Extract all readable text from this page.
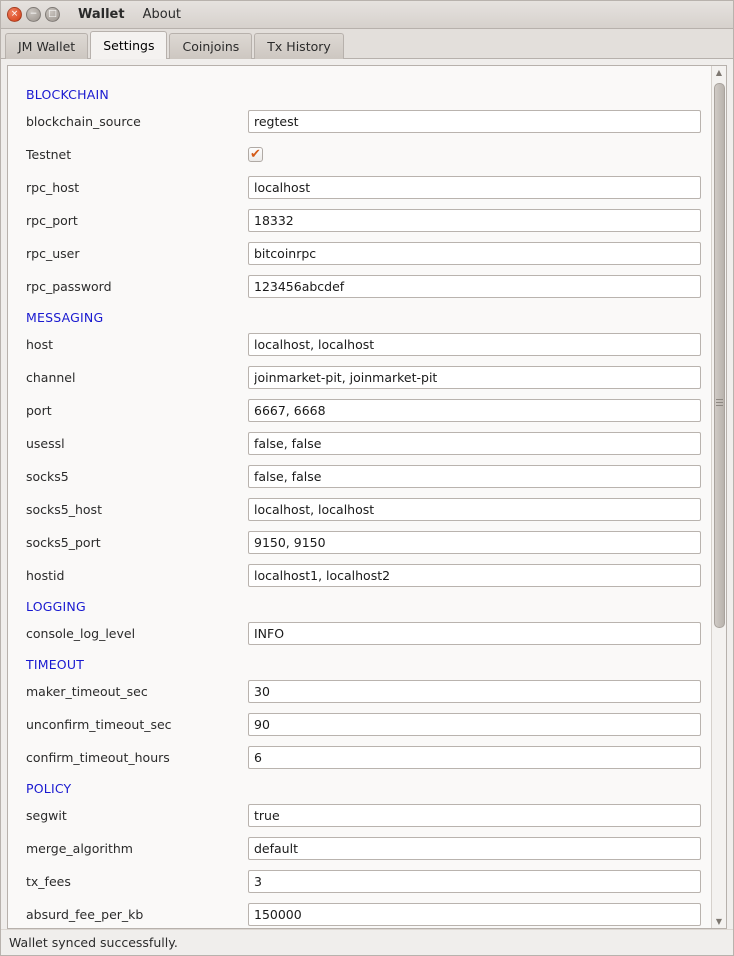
×	−	□ Wallet About
JM Wallet	Settings	Coinjoins	Tx History
BLOCKCHAIN	
blockchain_source	regtest
Testnet	✔
rpc_host	localhost
rpc_port	18332
rpc_user	bitcoinrpc
rpc_password	123456abcdef
MESSAGING	
host	localhost, localhost
channel	joinmarket-pit, joinmarket-pit
port	6667, 6668
usessl	false, false
socks5	false, false
socks5_host	localhost, localhost
socks5_port	9150, 9150
hostid	localhost1, localhost2
LOGGING	
console_log_level	INFO
TIMEOUT	
maker_timeout_sec	30
unconfirm_timeout_sec	90
confirm_timeout_hours	6
POLICY	
segwit	true
merge_algorithm	default
tx_fees	3
absurd_fee_per_kb	150000
▲
▼
Wallet synced successfully.
